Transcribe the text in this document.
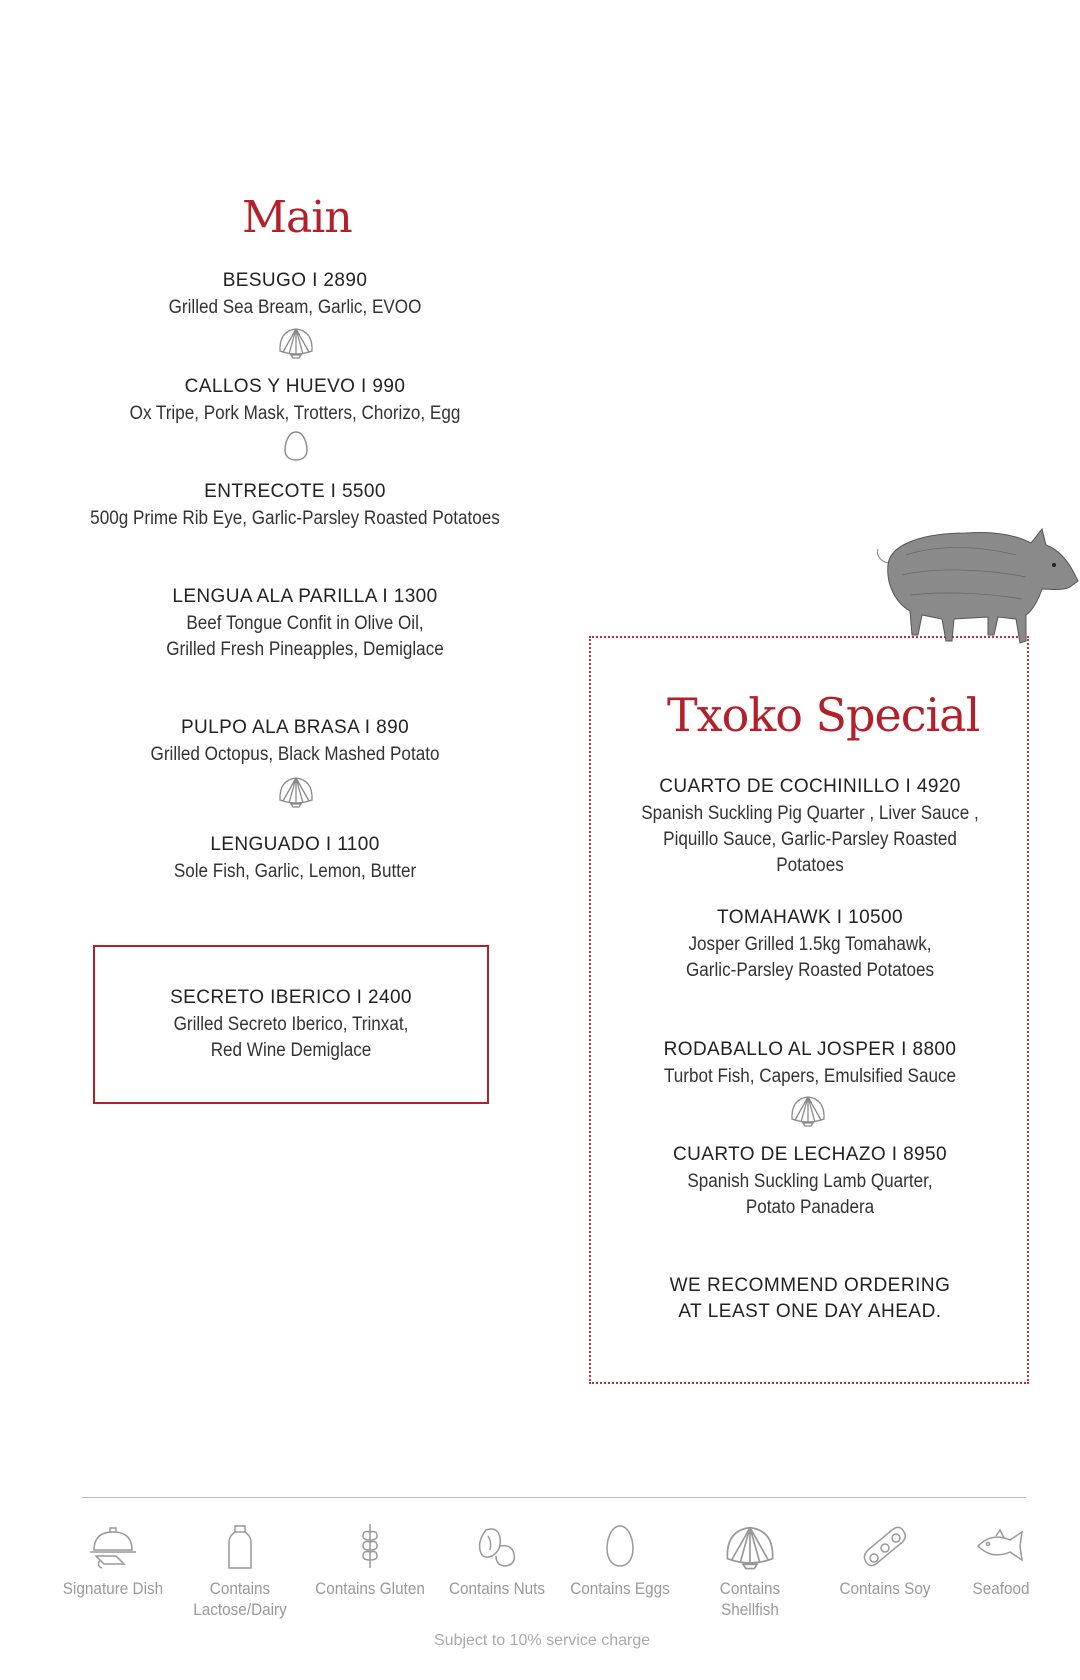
Main
BESUGO I 2890
Grilled Sea Bream, Garlic, EVOO
CALLOS Y HUEVO I 990
Ox Tripe, Pork Mask, Trotters, Chorizo, Egg
ENTRECOTE I 5500
500g Prime Rib Eye, Garlic-Parsley Roasted Potatoes
LENGUA ALA PARILLA I 1300
Beef Tongue Confit in Olive Oil,
Grilled Fresh Pineapples, Demiglace
PULPO ALA BRASA I 890
Grilled Octopus, Black Mashed Potato
LENGUADO I 1100
Sole Fish, Garlic, Lemon, Butter
SECRETO IBERICO I 2400
Grilled Secreto Iberico, Trinxat,
Red Wine Demiglace
Txoko Special
CUARTO DE COCHINILLO I 4920
Spanish Suckling Pig Quarter , Liver Sauce ,
Piquillo Sauce, Garlic-Parsley Roasted
Potatoes
TOMAHAWK I 10500
Josper Grilled 1.5kg Tomahawk,
Garlic-Parsley Roasted Potatoes
RODABALLO AL JOSPER I 8800
Turbot Fish, Capers, Emulsified Sauce
CUARTO DE LECHAZO I 8950
Spanish Suckling Lamb Quarter,
Potato Panadera
WE RECOMMEND ORDERING
AT LEAST ONE DAY AHEAD.
Signature Dish	Contains
Lactose/Dairy
Contains Gluten	Contains Nuts	Contains Eggs	Contains Shellfish
Contains Soy	Seafood
Subject to 10% service charge
